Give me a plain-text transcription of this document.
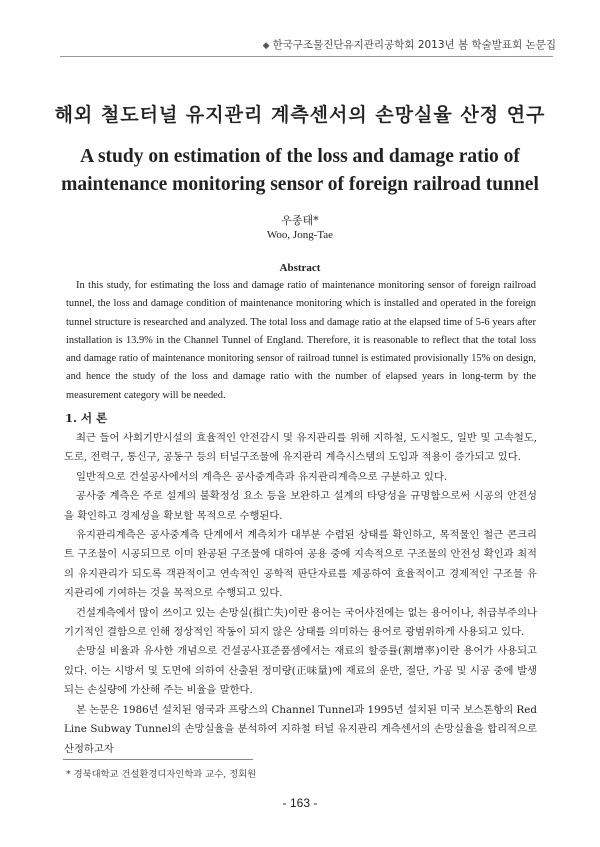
◆ 한국구조물진단유지관리공학회 2013년 봄 학술발표회 논문집
해외 철도터널 유지관리 계측센서의 손망실율 산정 연구
A study on estimation of the loss and damage ratio of
maintenance monitoring sensor of foreign railroad tunnel
우종태*
Woo, Jong-Tae
Abstract

In this study, for estimating the loss and damage ratio of maintenance monitoring sensor of foreign railroad tunnel, the loss and damage condition of maintenance monitoring which is installed and operated in the foreign tunnel structure is researched and analyzed. The total loss and damage ratio at the elapsed time of 5-6 years after installation is 13.9% in the Channel Tunnel of England. Therefore, it is reasonable to reflect that the total loss and damage ratio of maintenance monitoring sensor of railroad tunnel is estimated provisionally 15% on design, and hence the study of the loss and damage ratio with the number of elapsed years in long-term by the measurement category will be needed.

1. 서 론

최근 들어 사회기반시설의 효율적인 안전감시 및 유지관리를 위해 지하철, 도시철도, 일반 및 고속철도, 도로, 전력구, 통신구, 공동구 등의 터널구조물에 유지관리 계측시스템의 도입과 적용이 증가되고 있다.

일반적으로 건설공사에서의 계측은 공사중계측과 유지관리계측으로 구분하고 있다.

공사중 계측은 주로 설계의 불확정성 요소 등을 보완하고 설계의 타당성을 규명함으로써 시공의 안전성을 확인하고 경제성을 확보할 목적으로 수행된다.

유지관리계측은 공사중계측 단계에서 계측치가 대부분 수렴된 상태를 확인하고, 목적물인 철근 콘크리트 구조물이 시공되므로 이미 완공된 구조물에 대하여 공용 중에 지속적으로 구조물의 안전성 확인과 최적의 유지관리가 되도록 객관적이고 연속적인 공학적 판단자료를 제공하여 효율적이고 경제적인 구조물 유지관리에 기여하는 것을 목적으로 수행되고 있다.

건설계측에서 많이 쓰이고 있는 손망실(損亡失)이란 용어는 국어사전에는 없는 용어이나, 취급부주의나 기기적인 결함으로 인해 정상적인 작동이 되지 않은 상태를 의미하는 용어로 광범위하게 사용되고 있다.

손망실 비율과 유사한 개념으로 건설공사표준품셈에서는 재료의 할증률(割增率)이란 용어가 사용되고 있다. 이는 시방서 및 도면에 의하여 산출된 정미량(正味量)에 재료의 운반, 절단, 가공 및 시공 중에 발생되는 손실량에 가산해 주는 비율을 말한다.

본 논문은 1986년 설치된 영국과 프랑스의 Channel Tunnel과 1995년 설치된 미국 보스톤항의 Red Line Subway Tunnel의 손망실율을 분석하여 지하철 터널 유지관리 계측센서의 손망실율을 합리적으로 산정하고자

* 경북대학교 건설환경디자인학과 교수, 정회원
- 163 -
